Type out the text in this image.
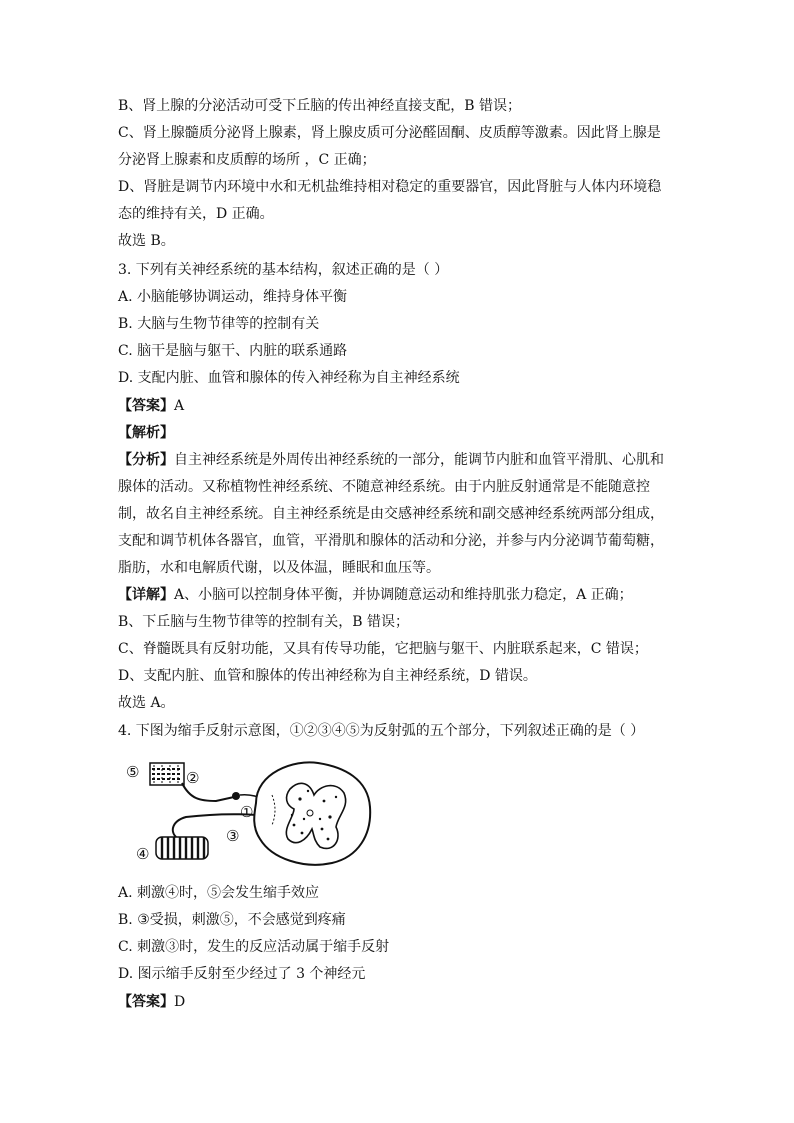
B、肾上腺的分泌活动可受下丘脑的传出神经直接支配，B 错误；
C、肾上腺髓质分泌肾上腺素，肾上腺皮质可分泌醛固酮、皮质醇等激素。因此肾上腺是
分泌肾上腺素和皮质醇的场所 ，C 正确；
D、肾脏是调节内环境中水和无机盐维持相对稳定的重要器官，因此肾脏与人体内环境稳
态的维持有关，D 正确。
故选 B。
3. 下列有关神经系统的基本结构，叙述正确的是（ ）
A. 小脑能够协调运动，维持身体平衡
B. 大脑与生物节律等的控制有关
C. 脑干是脑与躯干、内脏的联系通路
D. 支配内脏、血管和腺体的传入神经称为自主神经系统
【答案】A
【解析】
【分析】自主神经系统是外周传出神经系统的一部分，能调节内脏和血管平滑肌、心肌和
腺体的活动。又称植物性神经系统、不随意神经系统。由于内脏反射通常是不能随意控
制，故名自主神经系统。自主神经系统是由交感神经系统和副交感神经系统两部分组成，
支配和调节机体各器官，血管，平滑肌和腺体的活动和分泌，并参与内分泌调节葡萄糖，
脂肪，水和电解质代谢，以及体温，睡眠和血压等。
【详解】A、小脑可以控制身体平衡，并协调随意运动和维持肌张力稳定，A 正确；
B、下丘脑与生物节律等的控制有关，B 错误；
C、脊髓既具有反射功能，又具有传导功能，它把脑与躯干、内脏联系起来，C 错误；
D、支配内脏、血管和腺体的传出神经称为自主神经系统，D 错误。
故选 A。
4. 下图为缩手反射示意图，①②③④⑤为反射弧的五个部分，下列叙述正确的是（ ）
⑤	②
①
③
④
A. 刺激④时，⑤会发生缩手效应
B. ③受损，刺激⑤，不会感觉到疼痛
C. 刺激③时，发生的反应活动属于缩手反射
D. 图示缩手反射至少经过了 3 个神经元
【答案】D
